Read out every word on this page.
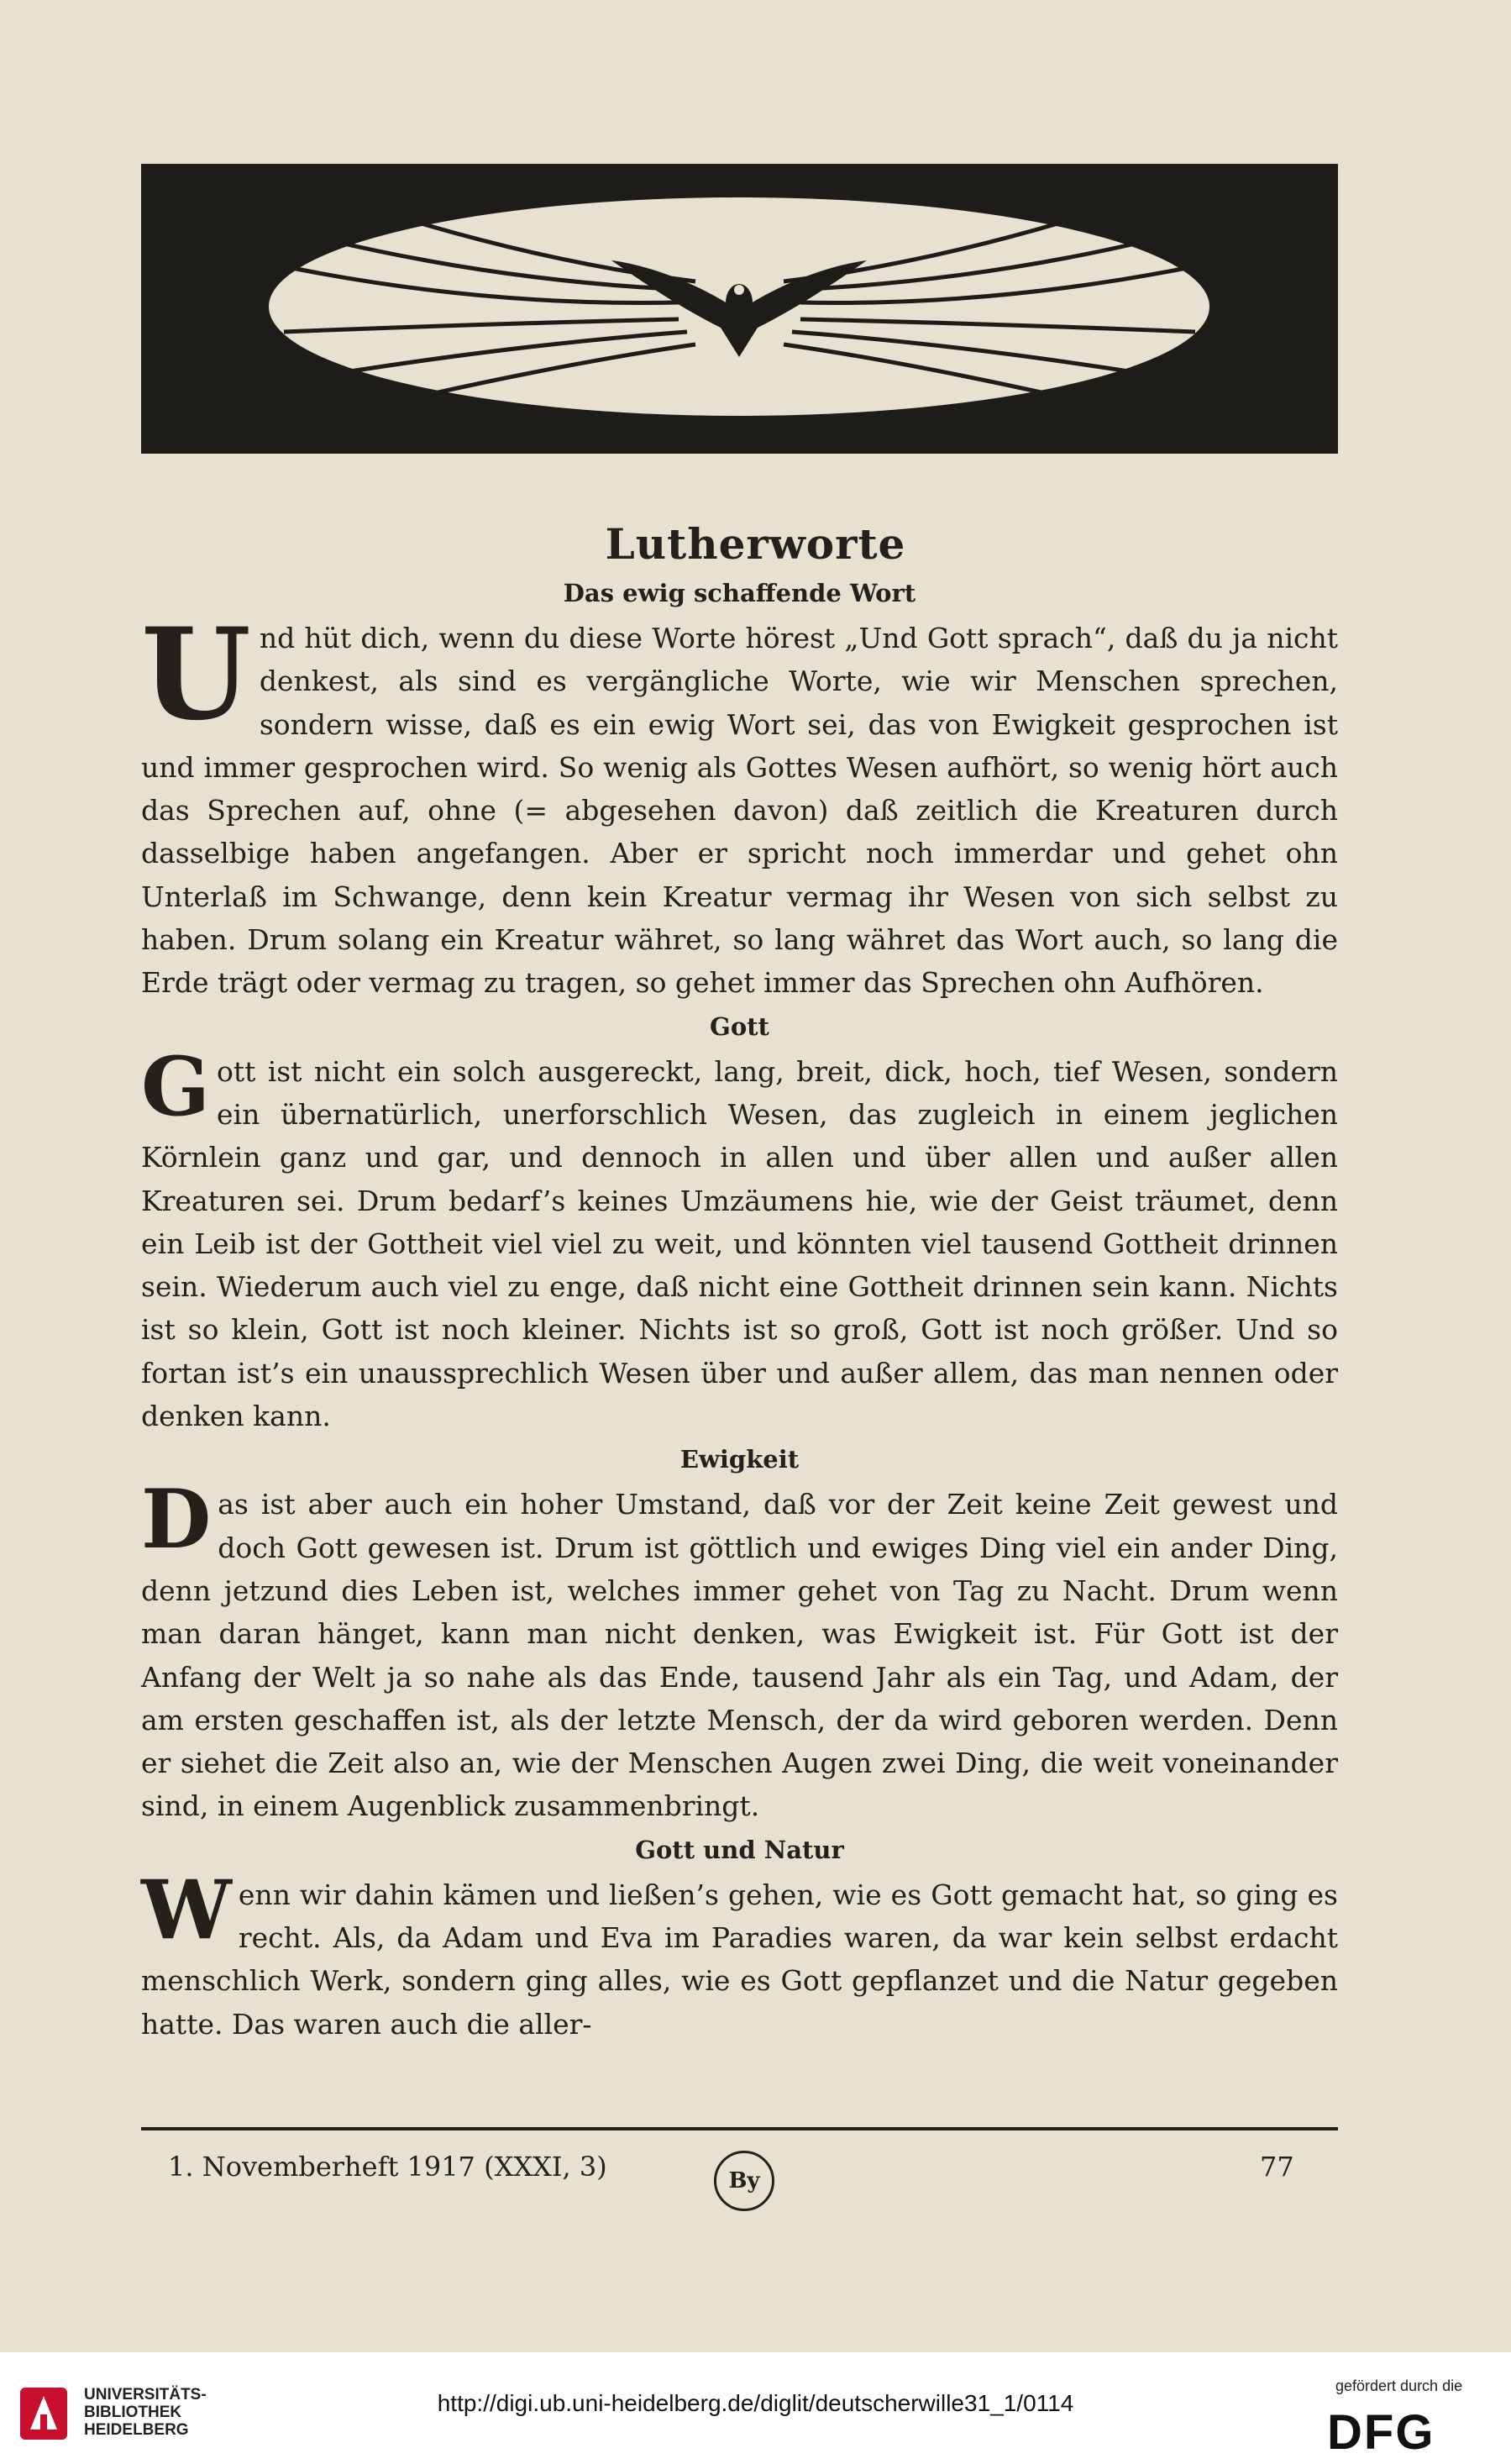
Lutherworte
Das ewig schaffende Wort

Und hüt dich, wenn du diese Worte hörest „Und Gott sprach“, daß du ja nicht denkest, als sind es vergängliche Worte, wie wir Menschen sprechen, sondern wisse, daß es ein ewig Wort sei, das von Ewigkeit gesprochen ist und immer gesprochen wird. So wenig als Gottes Wesen aufhört, so wenig hört auch das Sprechen auf, ohne (= abgesehen davon) daß zeitlich die Kreaturen durch dasselbige haben angefangen. Aber er spricht noch immerdar und gehet ohn Unterlaß im Schwange, denn kein Kreatur vermag ihr Wesen von sich selbst zu haben. Drum solang ein Kreatur währet, so lang währet das Wort auch, so lang die Erde trägt oder vermag zu tragen, so gehet immer das Sprechen ohn Aufhören.

Gott

Gott ist nicht ein solch ausgereckt, lang, breit, dick, hoch, tief Wesen, sondern ein übernatürlich, unerforschlich Wesen, das zugleich in einem jeglichen Körnlein ganz und gar, und dennoch in allen und über allen und außer allen Kreaturen sei. Drum bedarf’s keines Umzäumens hie, wie der Geist träumet, denn ein Leib ist der Gottheit viel viel zu weit, und könnten viel tausend Gottheit drinnen sein. Wiederum auch viel zu enge, daß nicht eine Gottheit drinnen sein kann. Nichts ist so klein, Gott ist noch kleiner. Nichts ist so groß, Gott ist noch größer. Und so fortan ist’s ein unaussprechlich Wesen über und außer allem, das man nennen oder denken kann.

Ewigkeit

Das ist aber auch ein hoher Umstand, daß vor der Zeit keine Zeit gewest und doch Gott gewesen ist. Drum ist göttlich und ewiges Ding viel ein ander Ding, denn jetzund dies Leben ist, welches immer gehet von Tag zu Nacht. Drum wenn man daran hänget, kann man nicht denken, was Ewigkeit ist. Für Gott ist der Anfang der Welt ja so nahe als das Ende, tausend Jahr als ein Tag, und Adam, der am ersten geschaffen ist, als der letzte Mensch, der da wird geboren werden. Denn er siehet die Zeit also an, wie der Menschen Augen zwei Ding, die weit voneinander sind, in einem Augenblick zusammenbringt.

Gott und Natur

Wenn wir dahin kämen und ließen’s gehen, wie es Gott gemacht hat, so ging es recht. Als, da Adam und Eva im Paradies waren, da war kein selbst erdacht menschlich Werk, sondern ging alles, wie es Gott gepflanzet und die Natur gegeben hatte. Das waren auch die aller-

1. Novemberheft 1917 (XXXI, 3)	By	77
UNIVERSITÄTS-
BIBLIOTHEK
HEIDELBERG
http://digi.ub.uni-heidelberg.de/diglit/deutscherwille31_1/0114
gefördert durch die
DFG
